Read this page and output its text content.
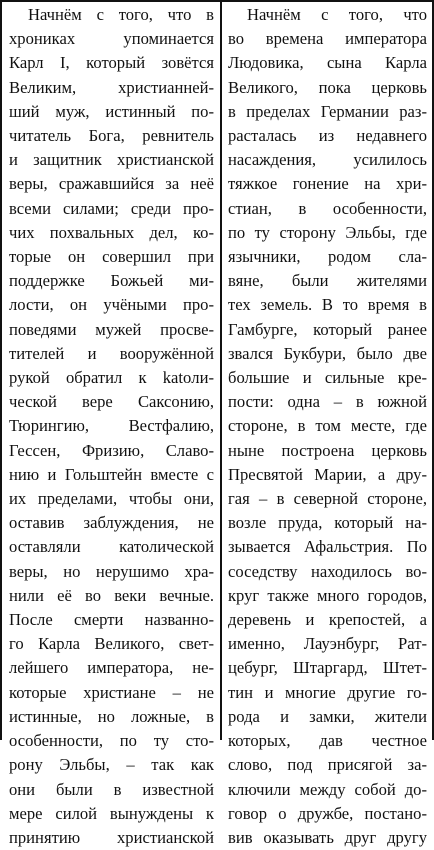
Начнём с того, что в
хрониках упоминается
Карл I, который зовётся
Великим, христианней-
ший муж, истинный по-
читатель Бога, ревнитель
и защитник христианской
веры, сражавшийся за неё
всеми силами; среди про-
чих похвальных дел, ко-
торые он совершил при
поддержке Божьей ми-
лости, он учёными про-
поведями мужей просве-
тителей и вооружённой
рукой обратил к katoли-
ческой вере Саксонию,
Тюрингию, Вестфалию,
Гессен, Фризию, Славо-
нию и Гольштейн вместе с
их пределами, чтобы они,
оставив заблуждения, не
оставляли католической
веры, но нерушимо хра-
нили её во веки вечные.
После смерти названно-
го Карла Великого, свет-
лейшего императора, не-
которые христиане – не
истинные, но ложные, в
особенности, по ту сто-
рону Эльбы, – так как
они были в известной
мере силой вынуждены к
принятию христианской
Начнём с того, что
во времена императора
Людовика, сына Карла
Великого, пока церковь
в пределах Германии раз-
расталась из недавнего
насаждения, усилилось
тяжкое гонение на хри-
стиан, в особенности,
по ту сторону Эльбы, где
язычники, родом сла-
вяне, были жителями
тех земель. В то время в
Гамбурге, который ранее
звался Букбури, было две
большие и сильные кре-
пости: одна – в южной
стороне, в том месте, где
ныне построена церковь
Пресвятой Марии, а дру-
гая – в северной стороне,
возле пруда, который на-
зывается Афальстрия. По
соседству находилось во-
круг также много городов,
деревень и крепостей, а
именно, Лауэнбург, Рат-
цебург, Штаргард, Штет-
тин и многие другие го-
рода и замки, жители
которых, дав честное
слово, под присягой за-
ключили между собой до-
говор о дружбе, постано-
вив оказывать друг другу
